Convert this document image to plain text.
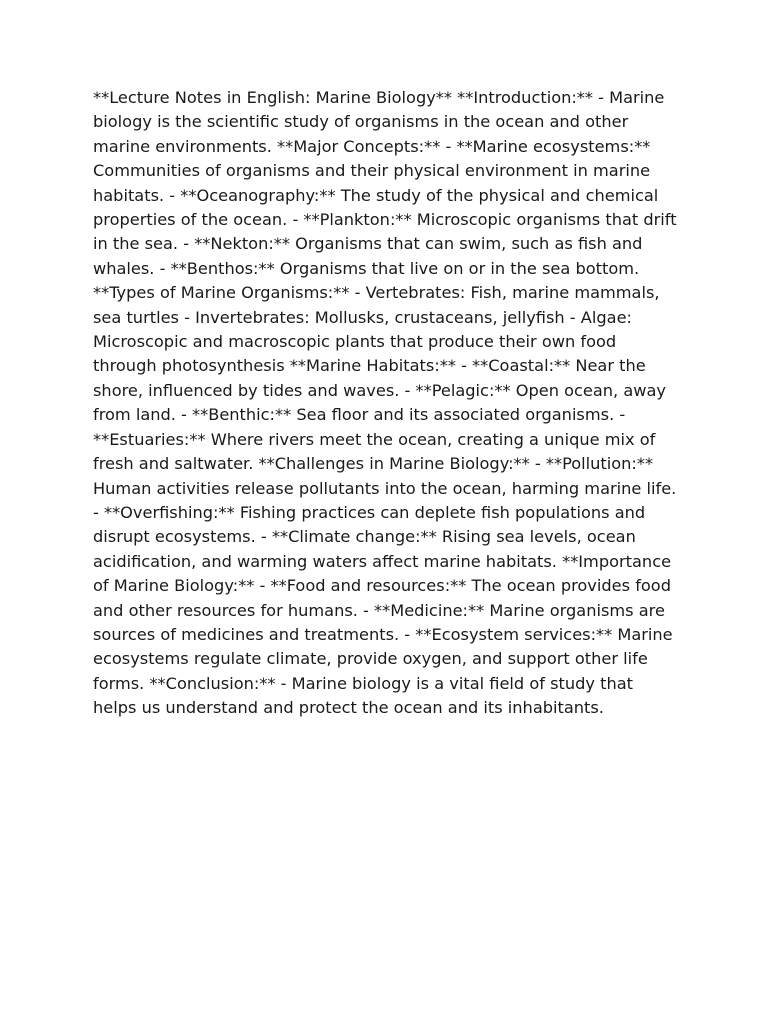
**Lecture Notes in English: Marine Biology** **Introduction:** - Marine biology is the scientific study of organisms in the ocean and other marine environments. **Major Concepts:** - **Marine ecosystems:** Communities of organisms and their physical environment in marine habitats. - **Oceanography:** The study of the physical and chemical properties of the ocean. - **Plankton:** Microscopic organisms that drift in the sea. - **Nekton:** Organisms that can swim, such as fish and whales. - **Benthos:** Organisms that live on or in the sea bottom. **Types of Marine Organisms:** - Vertebrates: Fish, marine mammals, sea turtles - Invertebrates: Mollusks, crustaceans, jellyfish - Algae: Microscopic and macroscopic plants that produce their own food through photosynthesis **Marine Habitats:** - **Coastal:** Near the shore, influenced by tides and waves. - **Pelagic:** Open ocean, away from land. - **Benthic:** Sea floor and its associated organisms. - **Estuaries:** Where rivers meet the ocean, creating a unique mix of fresh and saltwater. **Challenges in Marine Biology:** - **Pollution:** Human activities release pollutants into the ocean, harming marine life. - **Overfishing:** Fishing practices can deplete fish populations and disrupt ecosystems. - **Climate change:** Rising sea levels, ocean acidification, and warming waters affect marine habitats. **Importance of Marine Biology:** - **Food and resources:** The ocean provides food and other resources for humans. - **Medicine:** Marine organisms are sources of medicines and treatments. - **Ecosystem services:** Marine ecosystems regulate climate, provide oxygen, and support other life forms. **Conclusion:** - Marine biology is a vital field of study that helps us understand and protect the ocean and its inhabitants.
